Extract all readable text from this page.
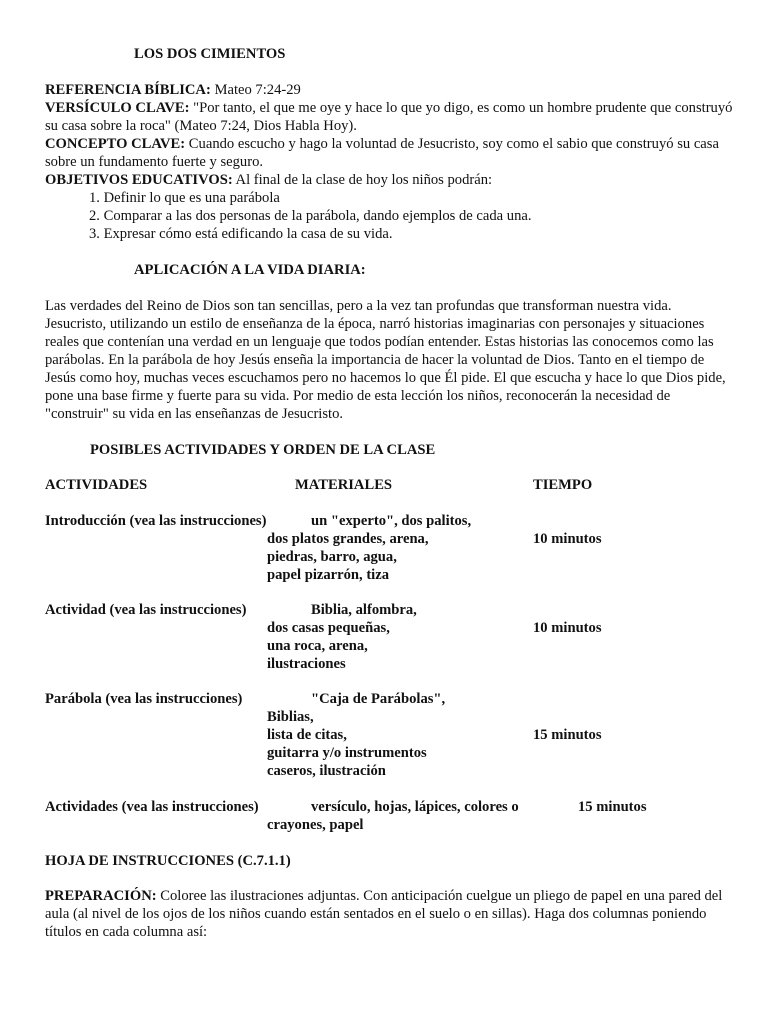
LOS DOS CIMIENTOS

REFERENCIA BÍBLICA: Mateo 7:24-29

VERSÍCULO CLAVE: "Por tanto, el que me oye y hace lo que yo digo, es como un hombre prudente que construyó su casa sobre la roca" (Mateo 7:24, Dios Habla Hoy).

CONCEPTO CLAVE: Cuando escucho y hago la voluntad de Jesucristo, soy como el sabio que construyó su casa sobre un fundamento fuerte y seguro.

OBJETIVOS EDUCATIVOS: Al final de la clase de hoy los niños podrán:

1. Definir lo que es una parábola
2. Comparar a las dos personas de la parábola, dando ejemplos de cada una.
3. Expresar cómo está edificando la casa de su vida.
APLICACIÓN A LA VIDA DIARIA:

Las verdades del Reino de Dios son tan sencillas, pero a la vez tan profundas que transforman nuestra vida. Jesucristo, utilizando un estilo de enseñanza de la época, narró historias imaginarias con personajes y situaciones reales que contenían una verdad en un lenguaje que todos podían entender. Estas historias las conocemos como las parábolas. En la parábola de hoy Jesús enseña la importancia de hacer la voluntad de Dios. Tanto en el tiempo de Jesús como hoy, muchas veces escuchamos pero no hacemos lo que Él pide. El que escucha y hace lo que Dios pide, pone una base firme y fuerte para su vida. Por medio de esta lección los niños, reconocerán la necesidad de "construir" su vida en las enseñanzas de Jesucristo.

POSIBLES ACTIVIDADES Y ORDEN DE LA CLASE
ACTIVIDADES	MATERIALES	TIEMPO
Introducción (vea las instrucciones)	un "experto", dos palitos,
dos platos grandes, arena,
piedras, barro, agua,
papel pizarrón, tiza
10 minutos
Actividad (vea las instrucciones)	Biblia, alfombra,
dos casas pequeñas,
una roca, arena,
ilustraciones
10 minutos
Parábola (vea las instrucciones)	"Caja de Parábolas",
Biblias,
lista de citas,
guitarra y/o instrumentos
caseros, ilustración
15 minutos
Actividades (vea las instrucciones)	versículo, hojas, lápices, colores o
crayones, papel
15 minutos
HOJA DE INSTRUCCIONES (C.7.1.1)

PREPARACIÓN: Coloree las ilustraciones adjuntas. Con anticipación cuelgue un pliego de papel en una pared del aula (al nivel de los ojos de los niños cuando están sentados en el suelo o en sillas). Haga dos columnas poniendo títulos en cada columna así:
